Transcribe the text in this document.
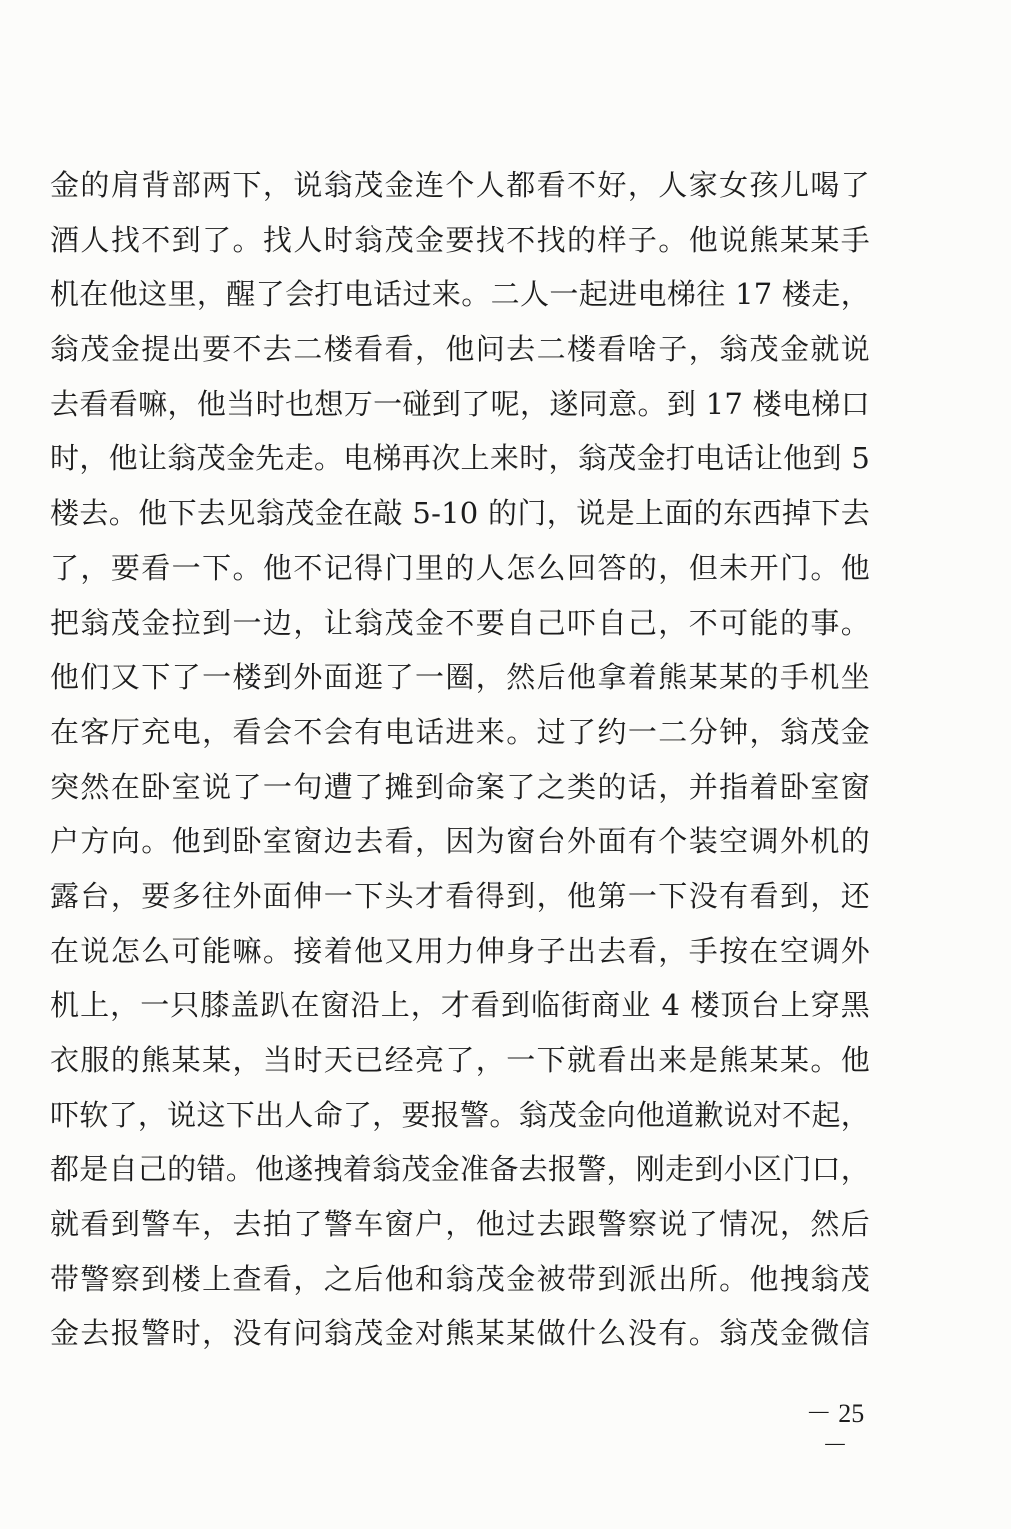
金的肩背部两下，说翁茂金连个人都看不好，人家女孩儿喝了
酒人找不到了。找人时翁茂金要找不找的样子。他说熊某某手
机在他这里，醒了会打电话过来。二人一起进电梯往 17 楼走，
翁茂金提出要不去二楼看看，他问去二楼看啥子，翁茂金就说
去看看嘛，他当时也想万一碰到了呢，遂同意。到 17 楼电梯口
时，他让翁茂金先走。电梯再次上来时，翁茂金打电话让他到 5
楼去。他下去见翁茂金在敲 5-10 的门，说是上面的东西掉下去
了，要看一下。他不记得门里的人怎么回答的，但未开门。他
把翁茂金拉到一边，让翁茂金不要自己吓自己，不可能的事。
他们又下了一楼到外面逛了一圈，然后他拿着熊某某的手机坐
在客厅充电，看会不会有电话进来。过了约一二分钟，翁茂金
突然在卧室说了一句遭了摊到命案了之类的话，并指着卧室窗
户方向。他到卧室窗边去看，因为窗台外面有个装空调外机的
露台，要多往外面伸一下头才看得到，他第一下没有看到，还
在说怎么可能嘛。接着他又用力伸身子出去看，手按在空调外
机上，一只膝盖趴在窗沿上，才看到临街商业 4 楼顶台上穿黑
衣服的熊某某，当时天已经亮了，一下就看出来是熊某某。他
吓软了，说这下出人命了，要报警。翁茂金向他道歉说对不起，
都是自己的错。他遂拽着翁茂金准备去报警，刚走到小区门口，
就看到警车，去拍了警车窗户，他过去跟警察说了情况，然后
带警察到楼上查看，之后他和翁茂金被带到派出所。他拽翁茂
金去报警时，没有问翁茂金对熊某某做什么没有。翁茂金微信
－ 25 －
